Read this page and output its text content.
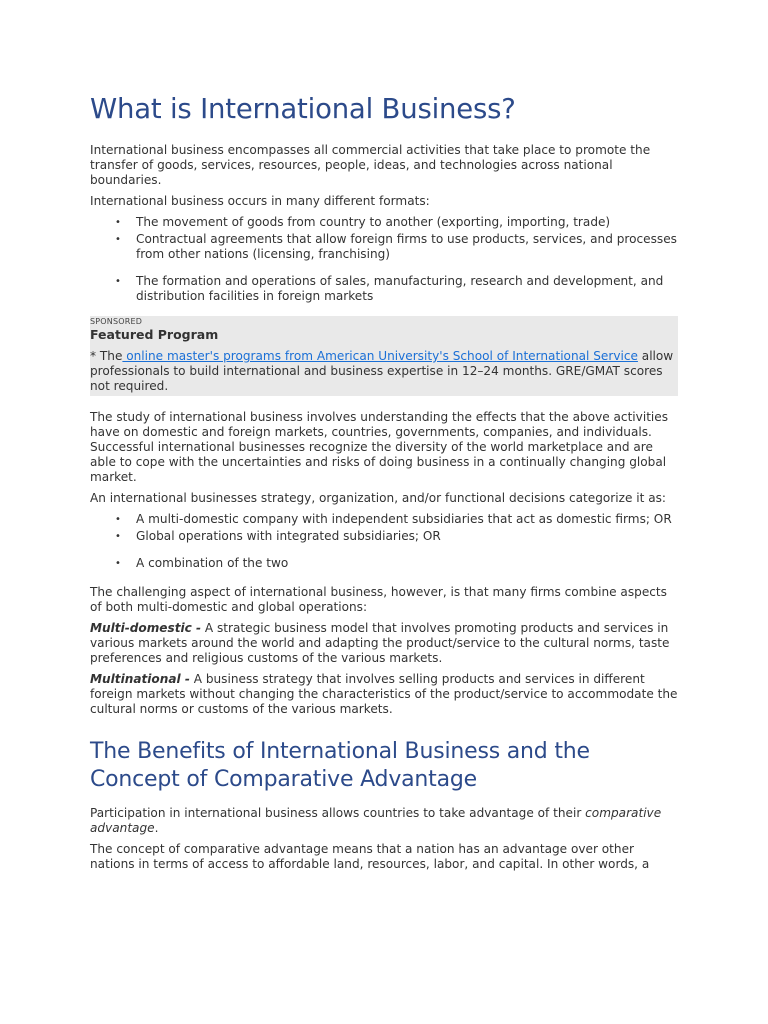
What is International Business?

International business encompasses all commercial activities that take place to promote the transfer of goods, services, resources, people, ideas, and technologies across national boundaries.

International business occurs in many different formats:

• The movement of goods from country to another (exporting, importing, trade)
• Contractual agreements that allow foreign firms to use products, services, and processes from other nations (licensing, franchising)
• The formation and operations of sales, manufacturing, research and development, and distribution facilities in foreign markets
SPONSORED
Featured Program

* The online master's programs from American University's School of International Service allow professionals to build international and business expertise in 12–24 months. GRE/GMAT scores not required.

The study of international business involves understanding the effects that the above activities have on domestic and foreign markets, countries, governments, companies, and individuals. Successful international businesses recognize the diversity of the world marketplace and are able to cope with the uncertainties and risks of doing business in a continually changing global market.

An international businesses strategy, organization, and/or functional decisions categorize it as:

• A multi-domestic company with independent subsidiaries that act as domestic firms; OR
• Global operations with integrated subsidiaries; OR
• A combination of the two

The challenging aspect of international business, however, is that many firms combine aspects of both multi-domestic and global operations:

Multi-domestic - A strategic business model that involves promoting products and services in various markets around the world and adapting the product/service to the cultural norms, taste preferences and religious customs of the various markets.

Multinational - A business strategy that involves selling products and services in different foreign markets without changing the characteristics of the product/service to accommodate the cultural norms or customs of the various markets.

The Benefits of International Business and the Concept of Comparative Advantage

Participation in international business allows countries to take advantage of their comparative advantage.

The concept of comparative advantage means that a nation has an advantage over other nations in terms of access to affordable land, resources, labor, and capital. In other words, a
